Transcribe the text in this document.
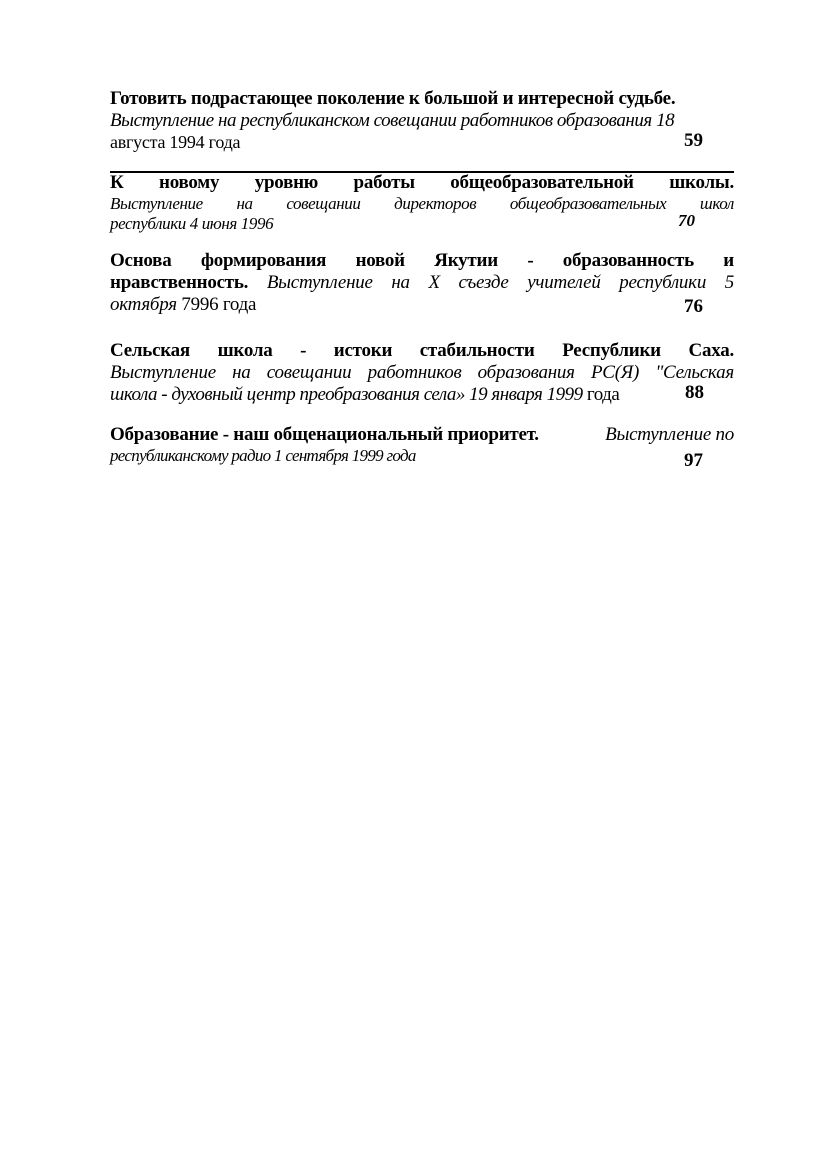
Готовить подрастающее поколение к большой и интересной судьбе.
Выступление на республиканском совещании работников образования 18
августа 1994 года	59
К новому уровню работы общеобразовательной школы.
Выступление на совещании директоров общеобразовательных школ
республики 4 июня 1996	70
Основа формирования новой Якутии - образованность и
нравственность. Выступление на X съезде учителей республики 5
октября
7996
года	76
Сельская школа - истоки стабильности Республики Саха.
Выступление на совещании работников образования PC(Я) "Сельская
школа - духовный центр преобразования села» 19 января 1999
года	88
Образование - наш общенациональный приоритет.	Выступление по
республиканскому радио 1 сентября 1999 года	97
